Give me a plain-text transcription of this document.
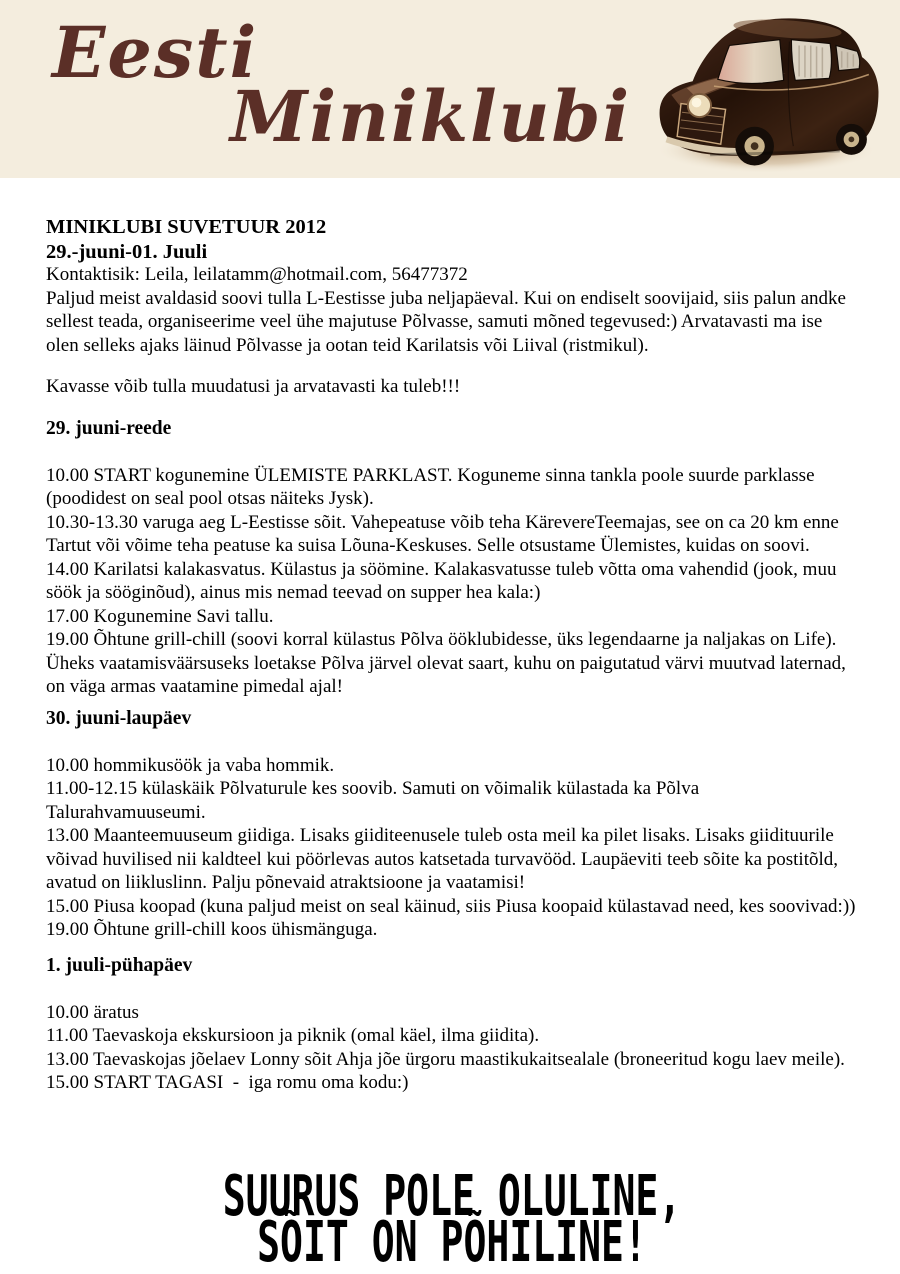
Eesti
Miniklubi
MINIKLUBI SUVETUUR 2012
29.-juuni-01. Juuli

Kontaktisik: Leila, leilatamm@hotmail.com, 56477372

Paljud meist avaldasid soovi tulla L-Eestisse juba neljapäeval. Kui on endiselt soovijaid, siis palun andke sellest teada, organiseerime veel ühe majutuse Põlvasse, samuti mõned tegevused:) Arvatavasti ma ise olen selleks ajaks läinud Põlvasse ja ootan teid Karilatsis või Liival (ristmikul).

Kavasse võib tulla muudatusi ja arvatavasti ka tuleb!!!

29. juuni-reede

10.00 START kogunemine ÜLEMISTE PARKLAST. Koguneme sinna tankla poole suurde parklasse (poodidest on seal pool otsas näiteks Jysk).

10.30-13.30 varuga aeg L-Eestisse sõit. Vahepeatuse võib teha KärevereTeemajas, see on ca 20 km enne Tartut või võime teha peatuse ka suisa Lõuna-Keskuses. Selle otsustame Ülemistes, kuidas on soovi.

14.00 Karilatsi kalakasvatus. Külastus ja söömine. Kalakasvatusse tuleb võtta oma vahendid (jook, muu söök ja sööginõud), ainus mis nemad teevad on supper hea kala:)

17.00 Kogunemine Savi tallu.

19.00 Õhtune grill-chill (soovi korral külastus Põlva ööklubidesse, üks legendaarne ja naljakas on Life). Üheks vaatamisväärsuseks loetakse Põlva järvel olevat saart, kuhu on paigutatud värvi muutvad laternad, on väga armas vaatamine pimedal ajal!

30. juuni-laupäev

10.00 hommikusöök ja vaba hommik.

11.00-12.15 külaskäik Põlvaturule kes soovib. Samuti on võimalik külastada ka Põlva Talurahvamuuseumi.

13.00 Maanteemuuseum giidiga. Lisaks giiditeenusele tuleb osta meil ka pilet lisaks. Lisaks giidituurile võivad huvilised nii kaldteel kui pöörlevas autos katsetada turvavööd. Laupäeviti teeb sõite ka postitõld, avatud on liikluslinn. Palju põnevaid atraktsioone ja vaatamisi!

15.00 Piusa koopad (kuna paljud meist on seal käinud, siis Piusa koopaid külastavad need, kes soovivad:))

19.00 Õhtune grill-chill koos ühismänguga.

1. juuli-pühapäev

10.00 äratus

11.00 Taevaskoja ekskursioon ja piknik (omal käel, ilma giidita).

13.00 Taevaskojas jõelaev Lonny sõit Ahja jõe ürgoru maastikukaitsealale (broneeritud kogu laev meile).

15.00 START TAGASI  -  iga romu oma kodu:)

SUURUS POLE OLULINE,
SÕIT ON PÕHILINE!
